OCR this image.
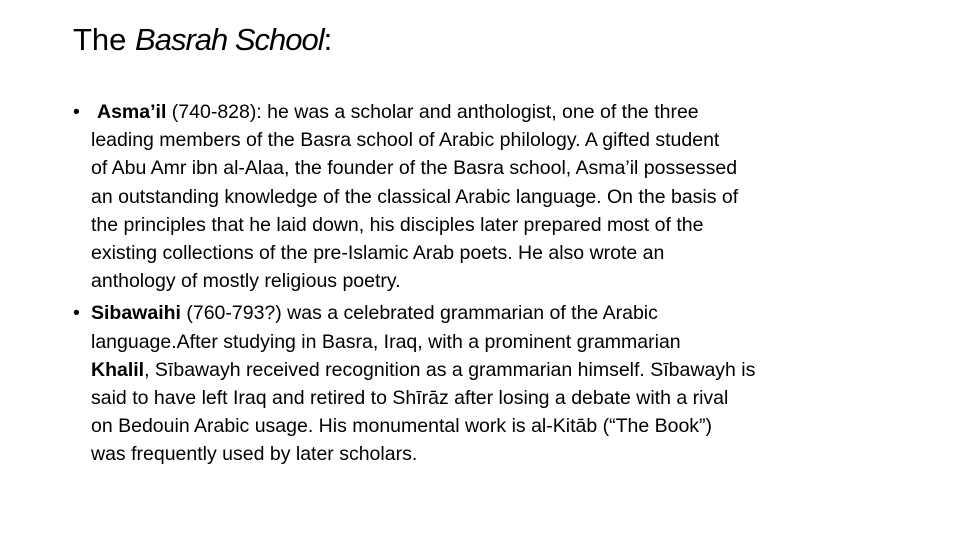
The Basrah School:
• Asma’il (740-828): he was a scholar and anthologist, one of the three
leading members of the Basra school of Arabic philology. A gifted student
of Abu Amr ibn al-Alaa, the founder of the Basra school, Asma’il possessed
an outstanding knowledge of the classical Arabic language. On the basis of
the principles that he laid down, his disciples later prepared most of the
existing collections of the pre-Islamic Arab poets. He also wrote an
anthology of mostly religious poetry.
• Sibawaihi (760-793?) was a celebrated grammarian of the Arabic
language.After studying in Basra, Iraq, with a prominent grammarian
Khalil, Sībawayh received recognition as a grammarian himself. Sībawayh is
said to have left Iraq and retired to Shīrāz after losing a debate with a rival
on Bedouin Arabic usage. His monumental work is al-Kitāb (“The Book”)
was frequently used by later scholars.
